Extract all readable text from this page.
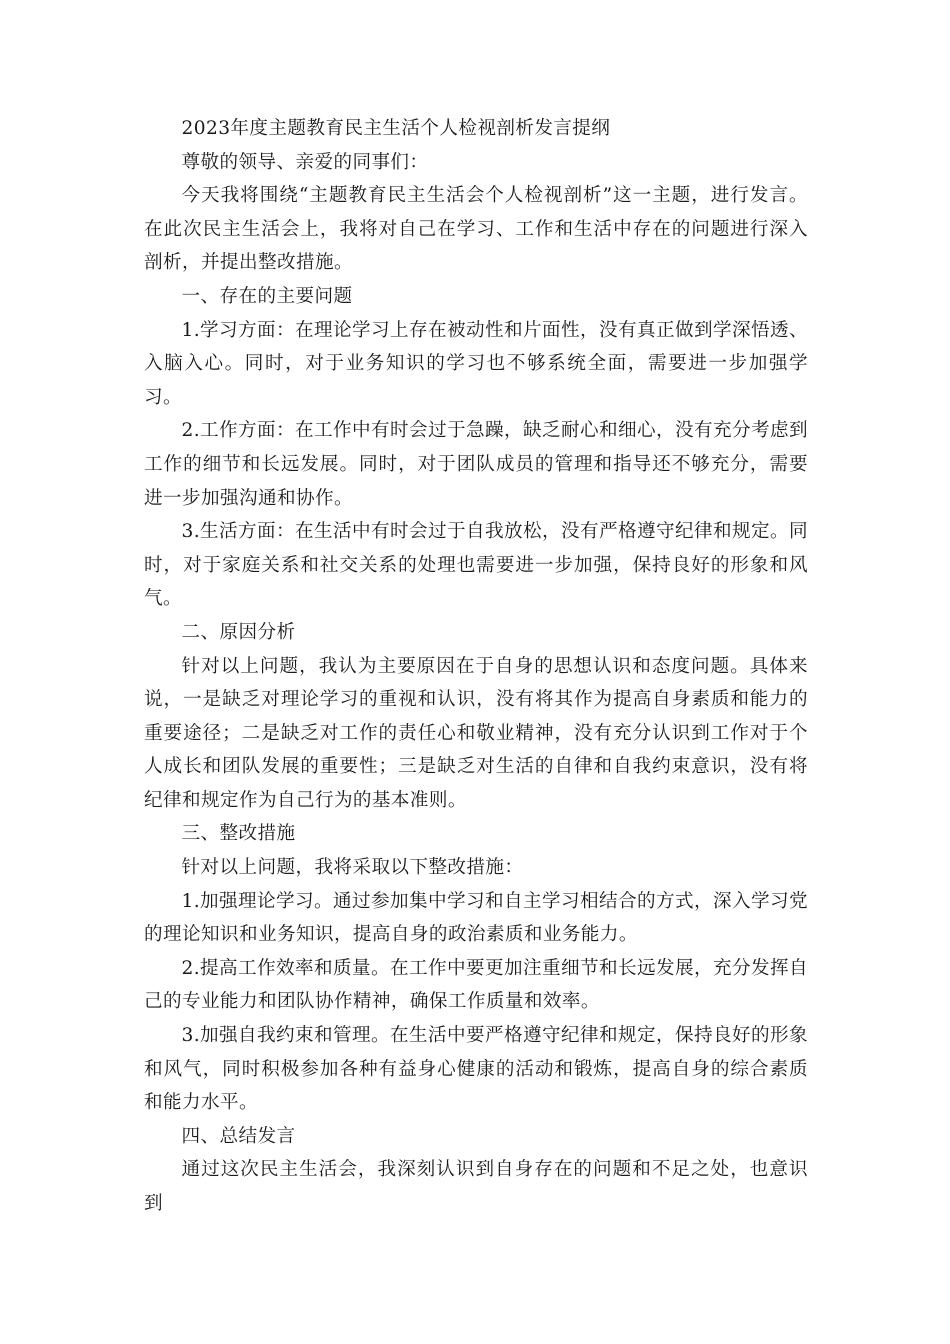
2023年度主题教育民主生活个人检视剖析发言提纲

尊敬的领导、亲爱的同事们：

今天我将围绕“主题教育民主生活会个人检视剖析”这一主题，进行发言。在此次民主生活会上，我将对自己在学习、工作和生活中存在的问题进行深入剖析，并提出整改措施。

一、存在的主要问题

1.学习方面：在理论学习上存在被动性和片面性，没有真正做到学深悟透、入脑入心。同时，对于业务知识的学习也不够系统全面，需要进一步加强学习。

2.工作方面：在工作中有时会过于急躁，缺乏耐心和细心，没有充分考虑到工作的细节和长远发展。同时，对于团队成员的管理和指导还不够充分，需要进一步加强沟通和协作。

3.生活方面：在生活中有时会过于自我放松，没有严格遵守纪律和规定。同时，对于家庭关系和社交关系的处理也需要进一步加强，保持良好的形象和风气。

二、原因分析

针对以上问题，我认为主要原因在于自身的思想认识和态度问题。具体来说，一是缺乏对理论学习的重视和认识，没有将其作为提高自身素质和能力的重要途径；二是缺乏对工作的责任心和敬业精神，没有充分认识到工作对于个人成长和团队发展的重要性；三是缺乏对生活的自律和自我约束意识，没有将纪律和规定作为自己行为的基本准则。

三、整改措施

针对以上问题，我将采取以下整改措施：

1.加强理论学习。通过参加集中学习和自主学习相结合的方式，深入学习党的理论知识和业务知识，提高自身的政治素质和业务能力。

2.提高工作效率和质量。在工作中要更加注重细节和长远发展，充分发挥自己的专业能力和团队协作精神，确保工作质量和效率。

3.加强自我约束和管理。在生活中要严格遵守纪律和规定，保持良好的形象和风气，同时积极参加各种有益身心健康的活动和锻炼，提高自身的综合素质和能力水平。

四、总结发言

通过这次民主生活会，我深刻认识到自身存在的问题和不足之处，也意识到
